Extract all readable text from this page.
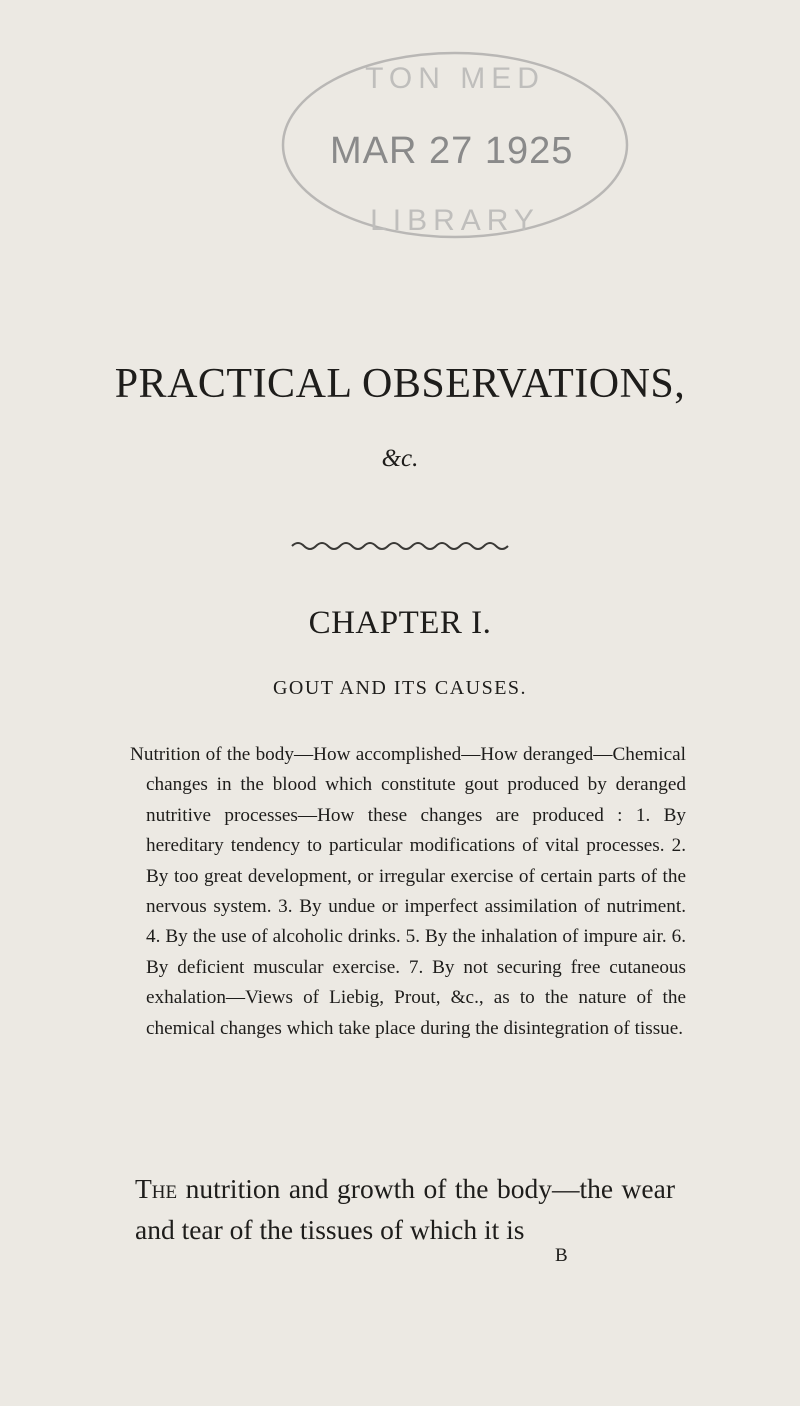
TON MED
LIBRARY
MAR 27 1925
PRACTICAL OBSERVATIONS,
&c.
CHAPTER I.
GOUT AND ITS CAUSES.

Nutrition of the body—How accomplished—How deranged—Chemical changes in the blood which constitute gout produced by deranged nutritive processes—How these changes are produced : 1. By hereditary tendency to particular modifications of vital processes. 2. By too great development, or irregular exercise of certain parts of the nervous system. 3. By undue or imperfect assimilation of nutriment. 4. By the use of alcoholic drinks. 5. By the inhalation of impure air. 6. By deficient muscular exercise. 7. By not securing free cutaneous exhalation—Views of Liebig, Prout, &c., as to the nature of the chemical changes which take place during the disintegration of tissue.

The nutrition and growth of the body—the wear and tear of the tissues of which it is

B
